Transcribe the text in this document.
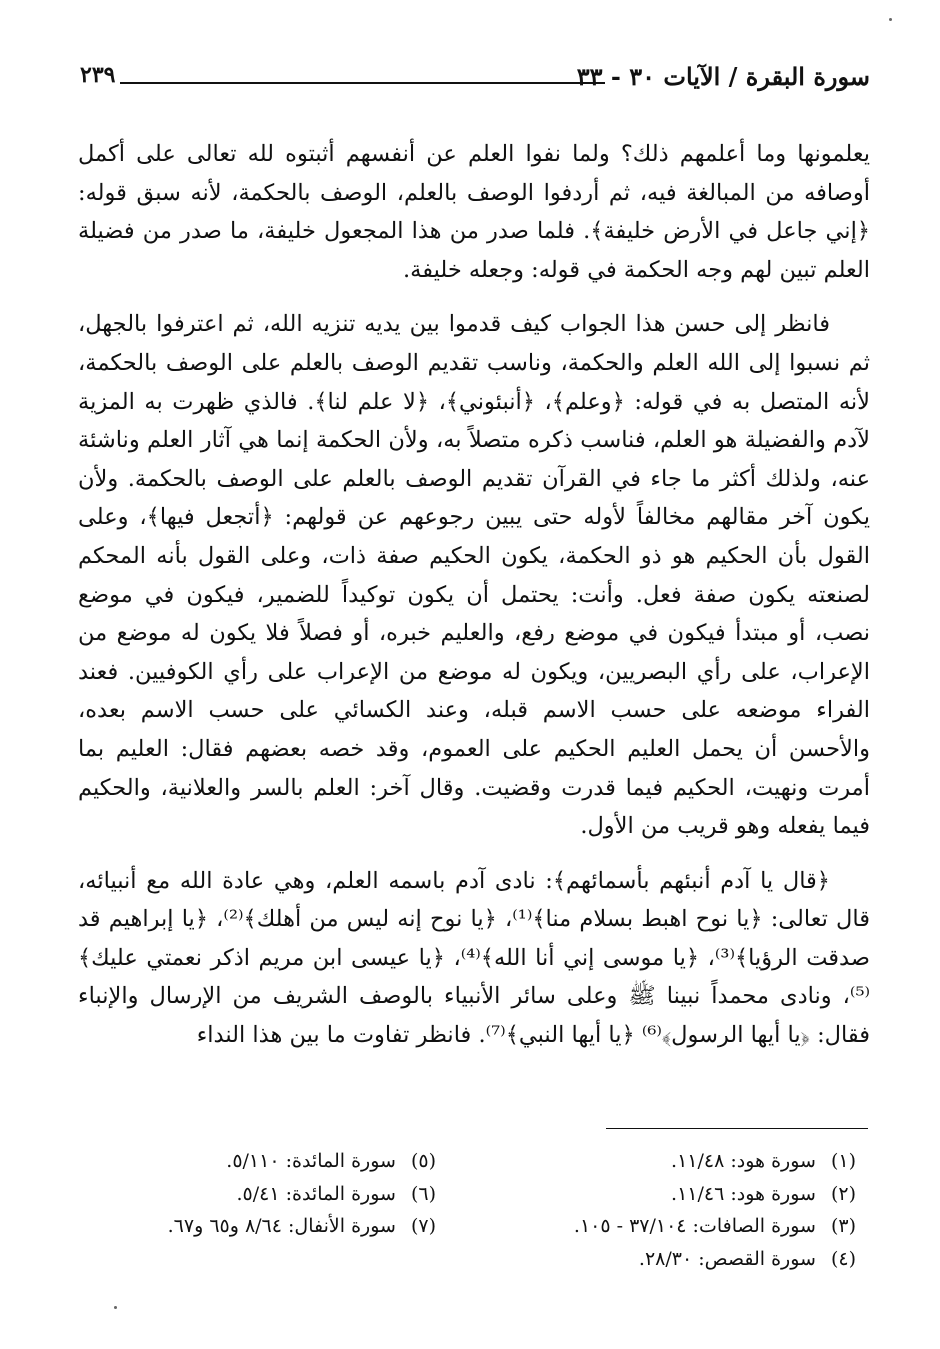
سورة البقرة / الآيات ٣٠ - ٣٣
٢٣٩

يعلمونها وما أعلمهم ذلك؟ ولما نفوا العلم عن أنفسهم أثبتوه لله تعالى على أكمل أوصافه من المبالغة فيه، ثم أردفوا الوصف بالعلم، الوصف بالحكمة، لأنه سبق قوله: ﴿إني جاعل في الأرض خليفة﴾. فلما صدر من هذا المجعول خليفة، ما صدر من فضيلة العلم تبين لهم وجه الحكمة في قوله: وجعله خليفة.

فانظر إلى حسن هذا الجواب كيف قدموا بين يديه تنزيه الله، ثم اعترفوا بالجهل، ثم نسبوا إلى الله العلم والحكمة، وناسب تقديم الوصف بالعلم على الوصف بالحكمة، لأنه المتصل به في قوله: ﴿وعلم﴾، ﴿أنبئوني﴾، ﴿لا علم لنا﴾. فالذي ظهرت به المزية لآدم والفضيلة هو العلم، فناسب ذكره متصلاً به، ولأن الحكمة إنما هي آثار العلم وناشئة عنه، ولذلك أكثر ما جاء في القرآن تقديم الوصف بالعلم على الوصف بالحكمة. ولأن يكون آخر مقالهم مخالفاً لأوله حتى يبين رجوعهم عن قولهم: ﴿أتجعل فيها﴾، وعلى القول بأن الحكيم هو ذو الحكمة، يكون الحكيم صفة ذات، وعلى القول بأنه المحكم لصنعته يكون صفة فعل. وأنت: يحتمل أن يكون توكيداً للضمير، فيكون في موضع نصب، أو مبتدأ فيكون في موضع رفع، والعليم خبره، أو فصلاً فلا يكون له موضع من الإعراب، على رأي البصريين، ويكون له موضع من الإعراب على رأي الكوفيين. فعند الفراء موضعه على حسب الاسم قبله، وعند الكسائي على حسب الاسم بعده، والأحسن أن يحمل العليم الحكيم على العموم، وقد خصه بعضهم فقال: العليم بما أمرت ونهيت، الحكيم فيما قدرت وقضيت. وقال آخر: العلم بالسر والعلانية، والحكيم فيما يفعله وهو قريب من الأول.

﴿قال يا آدم أنبئهم بأسمائهم﴾: نادى آدم باسمه العلم، وهي عادة الله مع أنبيائه، قال تعالى: ﴿يا نوح اهبط بسلام منا﴾⁽¹⁾، ﴿يا نوح إنه ليس من أهلك﴾⁽²⁾، ﴿يا إبراهيم قد صدقت الرؤيا﴾⁽³⁾، ﴿يا موسى إني أنا الله﴾⁽⁴⁾، ﴿يا عيسى ابن مريم اذكر نعمتي عليك﴾⁽⁵⁾، ونادى محمداً نبينا ﷺ وعلى سائر الأنبياء بالوصف الشريف من الإرسال والإنباء فقال: ﴿يا أيها الرسول﴾⁽⁶⁾ ﴿يا أيها النبي﴾⁽⁷⁾. فانظر تفاوت ما بين هذا النداء

(١) سورة هود: ١١/٤٨.
(٢) سورة هود: ١١/٤٦.
(٣) سورة الصافات: ٣٧/١٠٤ - ١٠٥.
(٤) سورة القصص: ٢٨/٣٠.
(٥) سورة المائدة: ٥/١١٠.
(٦) سورة المائدة: ٥/٤١.
(٧) سورة الأنفال: ٨/٦٤ و٦٥ و٦٧.
